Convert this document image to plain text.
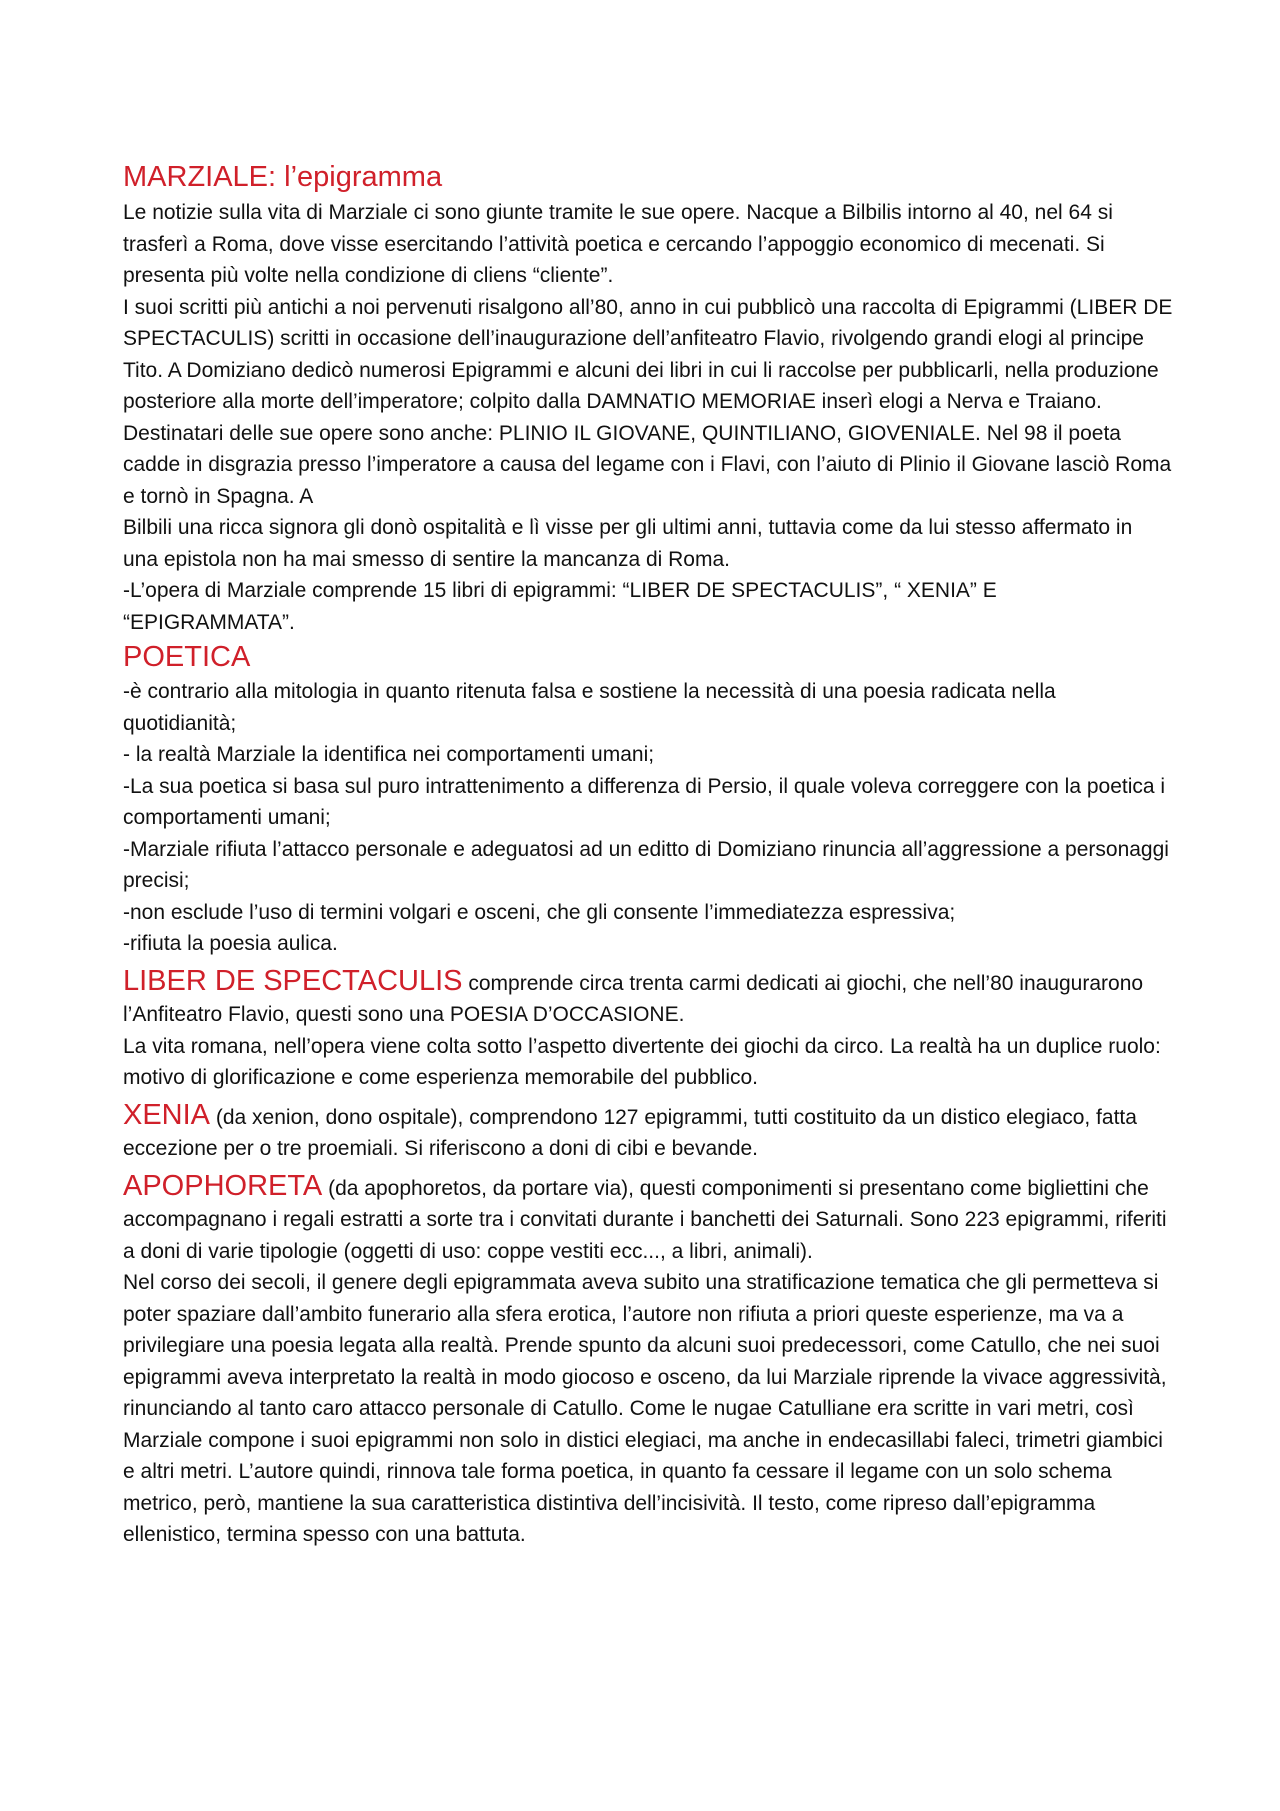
MARZIALE: l’epigramma

Le notizie sulla vita di Marziale ci sono giunte tramite le sue opere. Nacque a Bilbilis intorno al 40, nel 64 si trasferì a Roma, dove visse esercitando l’attività poetica e cercando l’appoggio economico di mecenati. Si presenta più volte nella condizione di cliens “cliente”.

I suoi scritti più antichi a noi pervenuti risalgono all’80, anno in cui pubblicò una raccolta di Epigrammi (LIBER DE SPECTACULIS) scritti in occasione dell’inaugurazione dell’anfiteatro Flavio, rivolgendo grandi elogi al principe Tito. A Domiziano dedicò numerosi Epigrammi e alcuni dei libri in cui li raccolse per pubblicarli, nella produzione posteriore alla morte dell’imperatore; colpito dalla DAMNATIO MEMORIAE inserì elogi a Nerva e Traiano. Destinatari delle sue opere sono anche: PLINIO IL GIOVANE, QUINTILIANO, GIOVENIALE. Nel 98 il poeta cadde in disgrazia presso l’imperatore a causa del legame con i Flavi, con l’aiuto di Plinio il Giovane lasciò Roma e tornò in Spagna. A

Bilbili una ricca signora gli donò ospitalità e lì visse per gli ultimi anni, tuttavia come da lui stesso affermato in una epistola non ha mai smesso di sentire la mancanza di Roma.

-L’opera di Marziale comprende 15 libri di epigrammi: “LIBER DE SPECTACULIS”, “ XENIA” E “EPIGRAMMATA”.

POETICA

-è contrario alla mitologia in quanto ritenuta falsa e sostiene la necessità di una poesia radicata nella quotidianità;

- la realtà Marziale la identifica nei comportamenti umani;

-La sua poetica si basa sul puro intrattenimento a differenza di Persio, il quale voleva correggere con la poetica i comportamenti umani;

-Marziale rifiuta l’attacco personale e adeguatosi ad un editto di Domiziano rinuncia all’aggressione a personaggi precisi;

-non esclude l’uso di termini volgari e osceni, che gli consente l’immediatezza espressiva;

-rifiuta la poesia aulica.

LIBER DE SPECTACULIS comprende circa trenta carmi dedicati ai giochi, che nell’80 inaugurarono l’Anfiteatro Flavio, questi sono una POESIA D’OCCASIONE.

La vita romana, nell’opera viene colta sotto l’aspetto divertente dei giochi da circo. La realtà ha un duplice ruolo: motivo di glorificazione e come esperienza memorabile del pubblico.

XENIA (da xenion, dono ospitale), comprendono 127 epigrammi, tutti costituito da un distico elegiaco, fatta eccezione per o tre proemiali. Si riferiscono a doni di cibi e bevande.

APOPHORETA (da apophoretos, da portare via), questi componimenti si presentano come bigliettini che accompagnano i regali estratti a sorte tra i convitati durante i banchetti dei Saturnali. Sono 223 epigrammi, riferiti a doni di varie tipologie (oggetti di uso: coppe vestiti ecc..., a libri, animali).

Nel corso dei secoli, il genere degli epigrammata aveva subito una stratificazione tematica che gli permetteva si poter spaziare dall’ambito funerario alla sfera erotica, l’autore non rifiuta a priori queste esperienze, ma va a privilegiare una poesia legata alla realtà. Prende spunto da alcuni suoi predecessori, come Catullo, che nei suoi epigrammi aveva interpretato la realtà in modo giocoso e osceno, da lui Marziale riprende la vivace aggressività, rinunciando al tanto caro attacco personale di Catullo. Come le nugae Catulliane era scritte in vari metri, così Marziale compone i suoi epigrammi non solo in distici elegiaci, ma anche in endecasillabi faleci, trimetri giambici e altri metri. L’autore quindi, rinnova tale forma poetica, in quanto fa cessare il legame con un solo schema metrico, però, mantiene la sua caratteristica distintiva dell’incisività. Il testo, come ripreso dall’epigramma ellenistico, termina spesso con una battuta.
